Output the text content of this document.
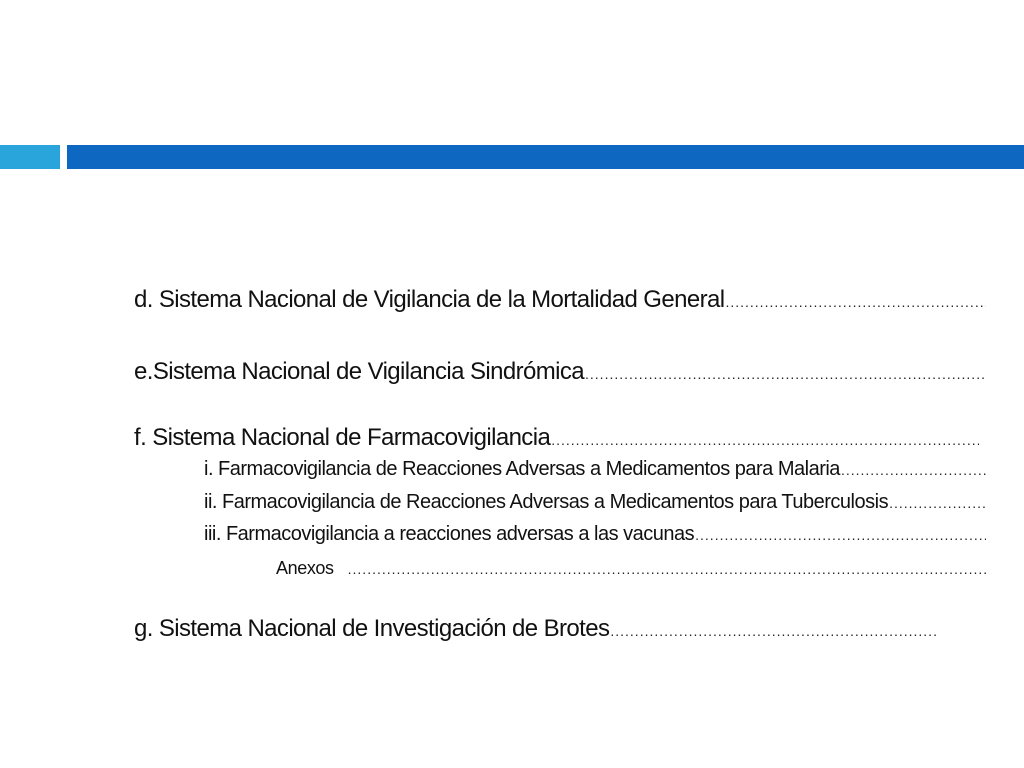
d. Sistema Nacional de Vigilancia de la Mortalidad General
.....
e.Sistema Nacional de Vigilancia Sindrómica
.....
f. Sistema Nacional de Farmacovigilancia
.....
i. Farmacovigilancia de Reacciones Adversas a Medicamentos para Malaria
.....
ii. Farmacovigilancia de Reacciones Adversas a Medicamentos para Tuberculosis
.....
iii. Farmacovigilancia a reacciones adversas a las vacunas
.....
Anexos
.....
g. Sistema Nacional de Investigación de Brotes
.....
